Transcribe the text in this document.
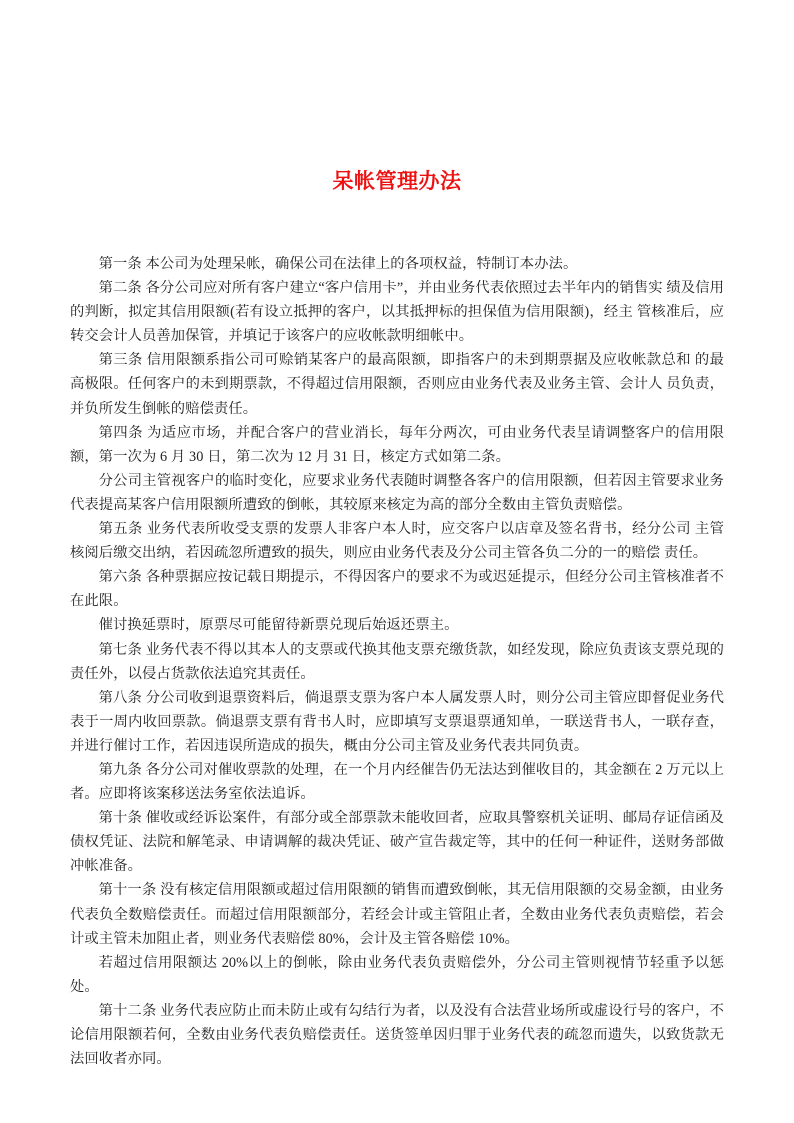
呆帐管理办法

第一条 本公司为处理呆帐，确保公司在法律上的各项权益，特制订本办法。

第二条 各分公司应对所有客户建立“客户信用卡”，并由业务代表依照过去半年内的销售实 绩及信用的判断，拟定其信用限额(若有设立抵押的客户，以其抵押标的担保值为信用限额)，经主 管核准后，应转交会计人员善加保管，并填记于该客户的应收帐款明细帐中。

第三条 信用限额系指公司可赊销某客户的最高限额，即指客户的未到期票据及应收帐款总和 的最高极限。任何客户的未到期票款，不得超过信用限额，否则应由业务代表及业务主管、会计人 员负责，并负所发生倒帐的赔偿责任。

第四条 为适应市场，并配合客户的营业消长，每年分两次，可由业务代表呈请调整客户的信用限额，第一次为 6 月 30 日，第二次为 12 月 31 日，核定方式如第二条。

分公司主管视客户的临时变化，应要求业务代表随时调整各客户的信用限额，但若因主管要求业务代表提高某客户信用限额所遭致的倒帐，其较原来核定为高的部分全数由主管负责赔偿。

第五条 业务代表所收受支票的发票人非客户本人时，应交客户以店章及签名背书，经分公司 主管核阅后缴交出纳，若因疏忽所遭致的损失，则应由业务代表及分公司主管各负二分的一的赔偿 责任。

第六条 各种票据应按记载日期提示，不得因客户的要求不为或迟延提示，但经分公司主管核准者不在此限。

催讨换延票时，原票尽可能留待新票兑现后始返还票主。

第七条 业务代表不得以其本人的支票或代换其他支票充缴货款，如经发现，除应负责该支票兑现的责任外，以侵占货款依法追究其责任。

第八条 分公司收到退票资料后，倘退票支票为客户本人属发票人时，则分公司主管应即督促业务代表于一周内收回票款。倘退票支票有背书人时，应即填写支票退票通知单，一联送背书人，一联存查，并进行催讨工作，若因违误所造成的损失，概由分公司主管及业务代表共同负责。

第九条 各分公司对催收票款的处理，在一个月内经催告仍无法达到催收目的，其金额在 2 万元以上者。应即将该案移送法务室依法追诉。

第十条 催收或经诉讼案件，有部分或全部票款未能收回者，应取具警察机关证明、邮局存证信函及债权凭证、法院和解笔录、申请调解的裁决凭证、破产宣告裁定等，其中的任何一种证件，送财务部做冲帐准备。

第十一条 没有核定信用限额或超过信用限额的销售而遭致倒帐，其无信用限额的交易金额，由业务代表负全数赔偿责任。而超过信用限额部分，若经会计或主管阻止者，全数由业务代表负责赔偿，若会计或主管未加阻止者，则业务代表赔偿 80%，会计及主管各赔偿 10%。

若超过信用限额达 20%以上的倒帐，除由业务代表负责赔偿外，分公司主管则视情节轻重予以惩处。

第十二条 业务代表应防止而未防止或有勾结行为者，以及没有合法营业场所或虚设行号的客户，不论信用限额若何，全数由业务代表负赔偿责任。送货签单因归罪于业务代表的疏忽而遗失，以致货款无法回收者亦同。
